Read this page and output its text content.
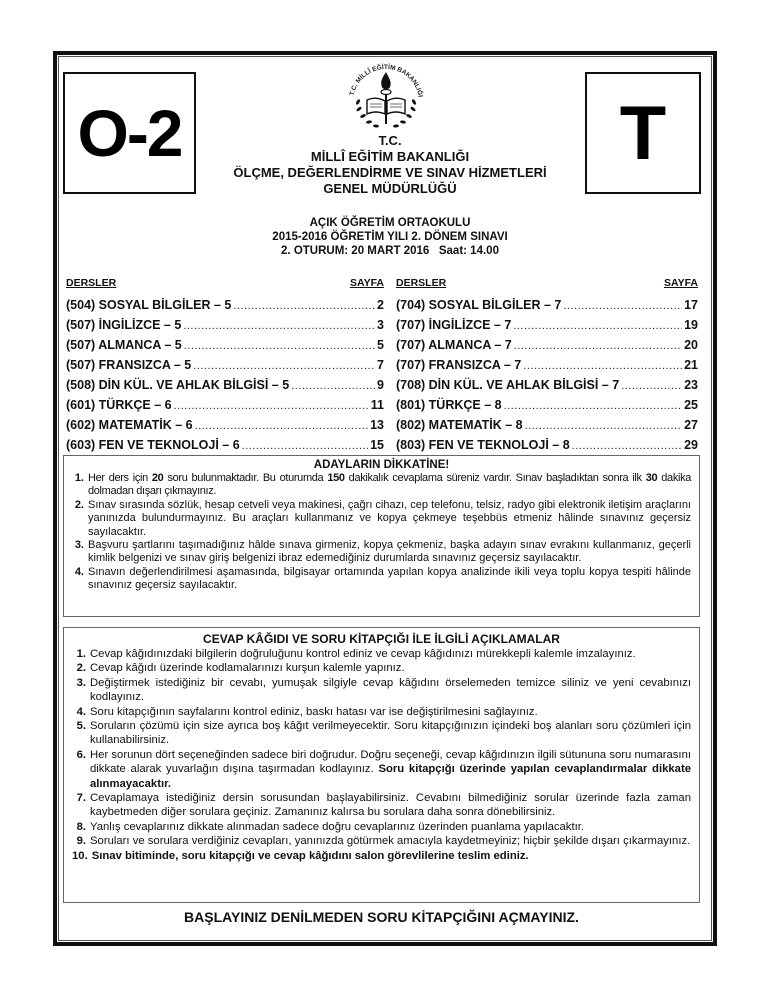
O-2	T
T.C. MİLLÎ EĞİTİM BAKANLIĞI
T.C.
MİLLÎ EĞİTİM BAKANLIĞI
ÖLÇME, DEĞERLENDİRME VE SINAV HİZMETLERİ
GENEL MÜDÜRLÜĞÜ
AÇIK ÖĞRETİM ORTAOKULU
2015-2016 ÖĞRETİM YILI 2. DÖNEM SINAVI
2. OTURUM: 20 MART 2016   Saat: 14.00
DERSLER	SAYFA
(504) SOSYAL BİLGİLER – 5 .....	2
(507) İNGİLİZCE – 5 .....	3
(507) ALMANCA – 5 .....	5
(507) FRANSIZCA – 5 .....	7
(508) DİN KÜL. VE AHLAK BİLGİSİ – 5 .....	9
(601) TÜRKÇE – 6 .....	11
(602) MATEMATİK – 6 .....	13
(603) FEN VE TEKNOLOJİ – 6 .....	15
DERSLER	SAYFA
(704) SOSYAL BİLGİLER – 7 .....	17
(707) İNGİLİZCE – 7 .....	19
(707) ALMANCA – 7 .....	20
(707) FRANSIZCA – 7 .....	21
(708) DİN KÜL. VE AHLAK BİLGİSİ – 7 .....	23
(801) TÜRKÇE – 8 .....	25
(802) MATEMATİK – 8 .....	27
(803) FEN VE TEKNOLOJİ – 8 .....	29
ADAYLARIN DİKKATİNE!
1. Her ders için 20 soru bulunmaktadır. Bu oturumda 150 dakikalık cevaplama süreniz vardır. Sınav başladıktan sonra ilk 30 dakika dolmadan dışarı çıkmayınız.
2. Sınav sırasında sözlük, hesap cetveli veya makinesi, çağrı cihazı, cep telefonu, telsiz, radyo gibi elektronik iletişim araçlarını yanınızda bulundurmayınız. Bu araçları kullanmanız ve kopya çekmeye teşebbüs etmeniz hâlinde sınavınız geçersiz sayılacaktır.
3. Başvuru şartlarını taşımadığınız hâlde sınava girmeniz, kopya çekmeniz, başka adayın sınav evrakını kullanmanız, geçerli kimlik belgenizi ve sınav giriş belgenizi ibraz edemediğiniz durumlarda sınavınız geçersiz sayılacaktır.
4. Sınavın değerlendirilmesi aşamasında, bilgisayar ortamında yapılan kopya analizinde ikili veya toplu kopya tespiti hâlinde sınavınız geçersiz sayılacaktır.
CEVAP KÂĞIDI VE SORU KİTAPÇIĞI İLE İLGİLİ AÇIKLAMALAR
1. Cevap kâğıdınızdaki bilgilerin doğruluğunu kontrol ediniz ve cevap kâğıdınızı mürekkepli kalemle imzalayınız.
2. Cevap kâğıdı üzerinde kodlamalarınızı kurşun kalemle yapınız.
3. Değiştirmek istediğiniz bir cevabı, yumuşak silgiyle cevap kâğıdını örselemeden temizce siliniz ve yeni cevabınızı kodlayınız.
4. Soru kitapçığının sayfalarını kontrol ediniz, baskı hatası var ise değiştirilmesini sağlayınız.
5. Soruların çözümü için size ayrıca boş kâğıt verilmeyecektir. Soru kitapçığınızın içindeki boş alanları soru çözümleri için kullanabilirsiniz.
6. Her sorunun dört seçeneğinden sadece biri doğrudur. Doğru seçeneği, cevap kâğıdınızın ilgili sütununa soru numarasını dikkate alarak yuvarlağın dışına taşırmadan kodlayınız. Soru kitapçığı üzerinde yapılan cevaplandırmalar dikkate alınmayacaktır.
7. Cevaplamaya istediğiniz dersin sorusundan başlayabilirsiniz. Cevabını bilmediğiniz sorular üzerinde fazla zaman kaybetmeden diğer sorulara geçiniz. Zamanınız kalırsa bu sorulara daha sonra dönebilirsiniz.
8. Yanlış cevaplarınız dikkate alınmadan sadece doğru cevaplarınız üzerinden puanlama yapılacaktır.
9. Soruları ve sorulara verdiğiniz cevapları, yanınızda götürmek amacıyla kaydetmeyiniz; hiçbir şekilde dışarı çıkarmayınız.
10. Sınav bitiminde, soru kitapçığı ve cevap kâğıdını salon görevlilerine teslim ediniz.
BAŞLAYINIZ DENİLMEDEN SORU KİTAPÇIĞINI AÇMAYINIZ.
